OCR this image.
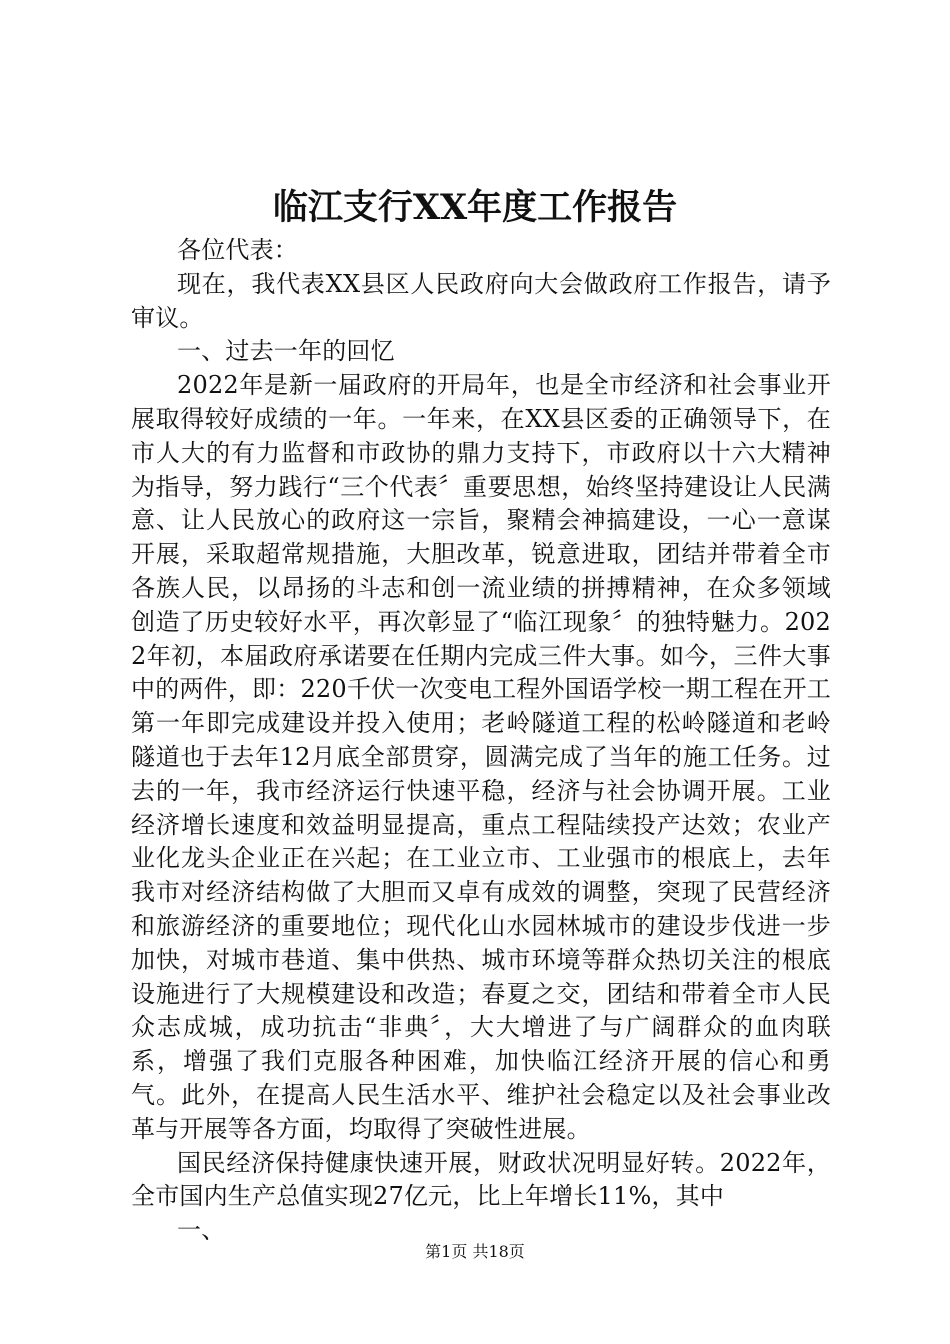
临江支行XX年度工作报告

各位代表：

现在，我代表XX县区人民政府向大会做政府工作报告，请予审议。

一、过去一年的回忆

2022年是新一届政府的开局年，也是全市经济和社会事业开展取得较好成绩的一年。一年来，在XX县区委的正确领导下，在市人大的有力监督和市政协的鼎力支持下，市政府以十六大精神为指导，努力践行“三个代表〞重要思想，始终坚持建设让人民满意、让人民放心的政府这一宗旨，聚精会神搞建设，一心一意谋开展，采取超常规措施，大胆改革，锐意进取，团结并带着全市各族人民，以昂扬的斗志和创一流业绩的拼搏精神，在众多领域创造了历史较好水平，再次彰显了“临江现象〞的独特魅力。2022年初，本届政府承诺要在任期内完成三件大事。如今，三件大事中的两件，即：220千伏一次变电工程外国语学校一期工程在开工第一年即完成建设并投入使用；老岭隧道工程的松岭隧道和老岭隧道也于去年12月底全部贯穿，圆满完成了当年的施工任务。过去的一年，我市经济运行快速平稳，经济与社会协调开展。工业经济增长速度和效益明显提高，重点工程陆续投产达效；农业产业化龙头企业正在兴起；在工业立市、工业强市的根底上，去年我市对经济结构做了大胆而又卓有成效的调整，突现了民营经济和旅游经济的重要地位；现代化山水园林城市的建设步伐进一步加快，对城市巷道、集中供热、城市环境等群众热切关注的根底设施进行了大规模建设和改造；春夏之交，团结和带着全市人民众志成城，成功抗击“非典〞，大大增进了与广阔群众的血肉联系，增强了我们克服各种困难，加快临江经济开展的信心和勇气。此外，在提高人民生活水平、维护社会稳定以及社会事业改革与开展等各方面，均取得了突破性进展。

国民经济保持健康快速开展，财政状况明显好转。2022年，全市国内生产总值实现27亿元，比上年增长11%，其中

一、

第1页 共18页
